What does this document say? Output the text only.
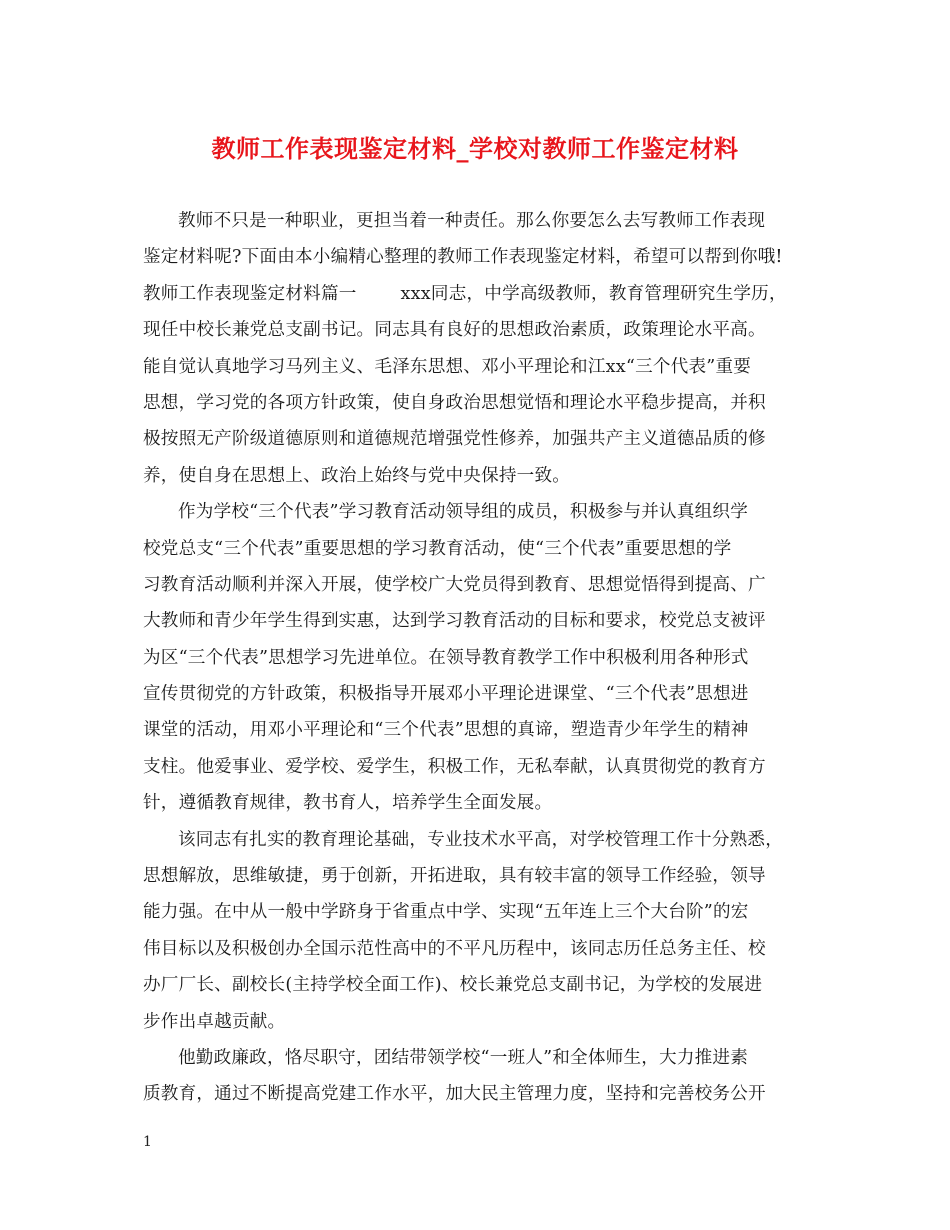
教师工作表现鉴定材料_学校对教师工作鉴定材料
教师不只是一种职业，更担当着一种责任。那么你要怎么去写教师工作表现
鉴定材料呢?下面由本小编精心整理的教师工作表现鉴定材料，希望可以帮到你哦!
教师工作表现鉴定材料篇一	xxx同志，中学高级教师，教育管理研究生学历，
现任中校长兼党总支副书记。同志具有良好的思想政治素质，政策理论水平高。
能自觉认真地学习马列主义、毛泽东思想、邓小平理论和江xx“三个代表”重要
思想，学习党的各项方针政策，使自身政治思想觉悟和理论水平稳步提高，并积
极按照无产阶级道德原则和道德规范增强党性修养，加强共产主义道德品质的修
养，使自身在思想上、政治上始终与党中央保持一致。
作为学校“三个代表”学习教育活动领导组的成员，积极参与并认真组织学
校党总支“三个代表”重要思想的学习教育活动，使“三个代表”重要思想的学
习教育活动顺利并深入开展，使学校广大党员得到教育、思想觉悟得到提高、广
大教师和青少年学生得到实惠，达到学习教育活动的目标和要求，校党总支被评
为区“三个代表”思想学习先进单位。在领导教育教学工作中积极利用各种形式
宣传贯彻党的方针政策，积极指导开展邓小平理论进课堂、“三个代表”思想进
课堂的活动，用邓小平理论和“三个代表”思想的真谛，塑造青少年学生的精神
支柱。他爱事业、爱学校、爱学生，积极工作，无私奉献，认真贯彻党的教育方
针，遵循教育规律，教书育人，培养学生全面发展。
该同志有扎实的教育理论基础，专业技术水平高，对学校管理工作十分熟悉，
思想解放，思维敏捷，勇于创新，开拓进取，具有较丰富的领导工作经验，领导
能力强。在中从一般中学跻身于省重点中学、实现“五年连上三个大台阶”的宏
伟目标以及积极创办全国示范性高中的不平凡历程中，该同志历任总务主任、校
办厂厂长、副校长(主持学校全面工作)、校长兼党总支副书记，为学校的发展进
步作出卓越贡献。
他勤政廉政，恪尽职守，团结带领学校“一班人”和全体师生，大力推进素
质教育，通过不断提高党建工作水平，加大民主管理力度，坚持和完善校务公开
1
